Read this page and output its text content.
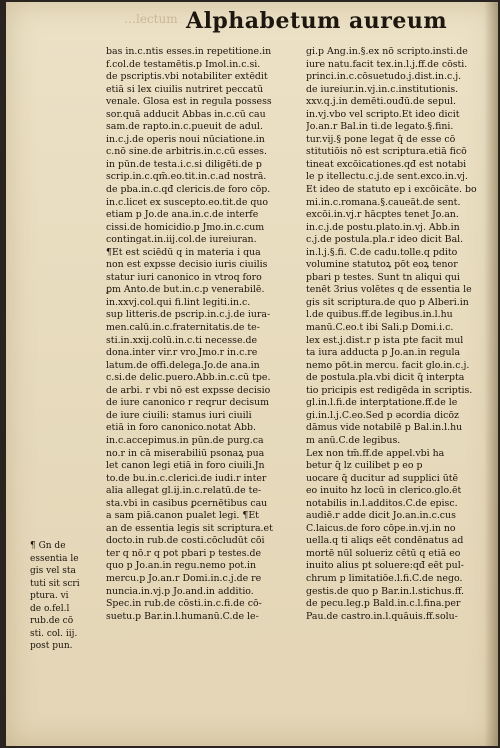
…lectum Alphabetum aureum
bas in.c.ntis esses.in repetitione.in
f.col.de testamētis.p Imol.in.c.si.
de pscriptis.vbi notabiliter extēdit
etiā si lex ciuilis nutriret peccatū
venale. Glosa est in regula possess
sor.quā adducit Abbas in.c.cū cau
sam.de rapto.in.c.pueuit de adul.
in.c.j.de operis noui nūciatione.in
c.nō sine.de arbitris.in.c.cū esses.
in pūn.de testa.i.c.si diligēti.de p
scrip.in.c.qm̄.eo.tit.in.c.ad nostrā.
de pba.in.c.qđ clericis.de foro cōp.
in.c.licet ex suscepto.eo.tit.de quo
etiam p Jo.de ana.in.c.de interfe
cissi.de homicidio.p Jmo.in.c.cum
contingat.in.iij.col.de iureiuran.
¶Et est sciēdū q in materia i qua
non est expsse decisio iuris ciuilis
statur iuri canonico in vtroq foro
ꝑm Anto.de but.in.c.p venerabilē.
in.xxvj.col.qui fi.lint legiti.in.c.
sup litteris.de pscrip.in.c.j.de iura-
men.calū.in.c.fraternitatis.de te-
sti.in.xxij.colū.in.c.ti necesse.de
dona.inter vir.r vro.Jmo.r in.c.re
latum.de offi.delega.Jo.de ana.in
c.si.de delic.puero.Abb.in.c.cū tpe.
de arbi. r vbi nō est expsse decisio
de iure canonico r reqrur decisum
de iure ciuili: stamus iuri ciuili
etiā in foro canonico.notat Abb.
in.c.accepimus.in pūn.de purg.ca
no.r in cā miserabiliū psonaꝝ pua
let canon legi etiā in foro ciuili.Jn
to.de bu.in.c.clerici.de iudi.r inter
alia allegat gl.ij.in.c.relatū.de te-
sta.vbi in casibus ꝑcernētibus cau
a sam piā.canon pualet legi. ¶Et
an de essentia legis sit scriptura.et
docto.in rub.de costi.cōcludūt cōi
ter q nō.r q pot pbari p testes.de
quo p Jo.an.in regu.nemo pot.in
mercu.p Jo.an.r Domi.in.c.j.de re
nuncia.in.vj.p Jo.and.in additio.
Spec.in rub.de cōsti.in.c.fi.de cō-
suetu.p Bar.in.l.humanū.C.de le-
gi.p Ang.in.§.ex nō scripto.insti.de
iure natu.facit tex.in.l.j.ff.de cōsti.
princi.in.c.cōsuetudo.j.dist.in.c.j.
de iureiur.in.vj.in.c.institutionis.
xxv.q.j.in demēti.ouđū.de sepul.
in.vj.vbo vel scripto.Et ideo dicit
Jo.an.r Bal.in ti.de legato.§.fini.
tur.vij.§ pone legat q̄ de esse cō
stitutiōis nō est scriptura.etiā ficō
tineat excōicationes.qđ est notabi
le p itellectu.c.j.de sent.exco.in.vj.
Et ideo de statuto ep i excōicāte. bo
mi.in.c.romana.§.caueāt.de sent.
excōi.in.vj.r hācptes tenet Jo.an.
in.c.j.de postu.plato.in.vj. Abb.in
c.j.de postula.pla.r ideo dicit Bal.
in.l.j.§.fi. C.de cadu.tolle.q pdito
volumine statutoꝝ pōt eoꝝ tenor
pbari p testes. Sunt tn aliqui qui
tenēt 3rius volētes q de essentia le
gis sit scriptura.de quo p Alberi.in
l.de quibus.ff.de legibus.in.l.hu
manū.C.eo.t ibi Sali.p Domi.i.c.
lex est.j.dist.r p ista pte facit mul
ta iura adducta p Jo.an.in regula
nemo pōt.in mercu. facit glo.in.c.j.
de postula.pla.vbi dicit q̄ interpta
tio pricipis est redigēda in scriptis.
gl.in.l.fi.de interptatione.ff.de le
gi.in.l.j.C.eo.Sed p əcordia dicōz
dāmus vide notabilē p Bal.in.l.hu
m anū.C.de legibus.
Lex non tm̄.ff.de appel.vbi ha
betur q̄ lz cuilibet p eo p
uocare q̄ ducitur ad supplici ūtē
eo inuito hz locū in clerico.glo.ēt
notabilis in.l.additos.C.de episc.
audiē.r adde dicit Jo.an.in.c.cus
C.laicus.de foro cōpe.in.vj.in no
uella.q ti aliqs eēt condēnatus ad
mortē nūl solueriz cētū q etiā eo
inuito alius pt soluere:qđ eēt pul-
chrum p limitatiōe.l.fi.C.de nego.
gestis.de quo p Bar.in.l.stichus.ff.
de pecu.leg.p Bald.in.c.l.fina.per
Pau.de castro.in.l.quāuis.ff.solu-
¶ Gn de
essentia le
gis vel sta
tuti sit scri
ptura. vi
de o.fel.l
rub.de cō
sti. col. iij.
post pun.
